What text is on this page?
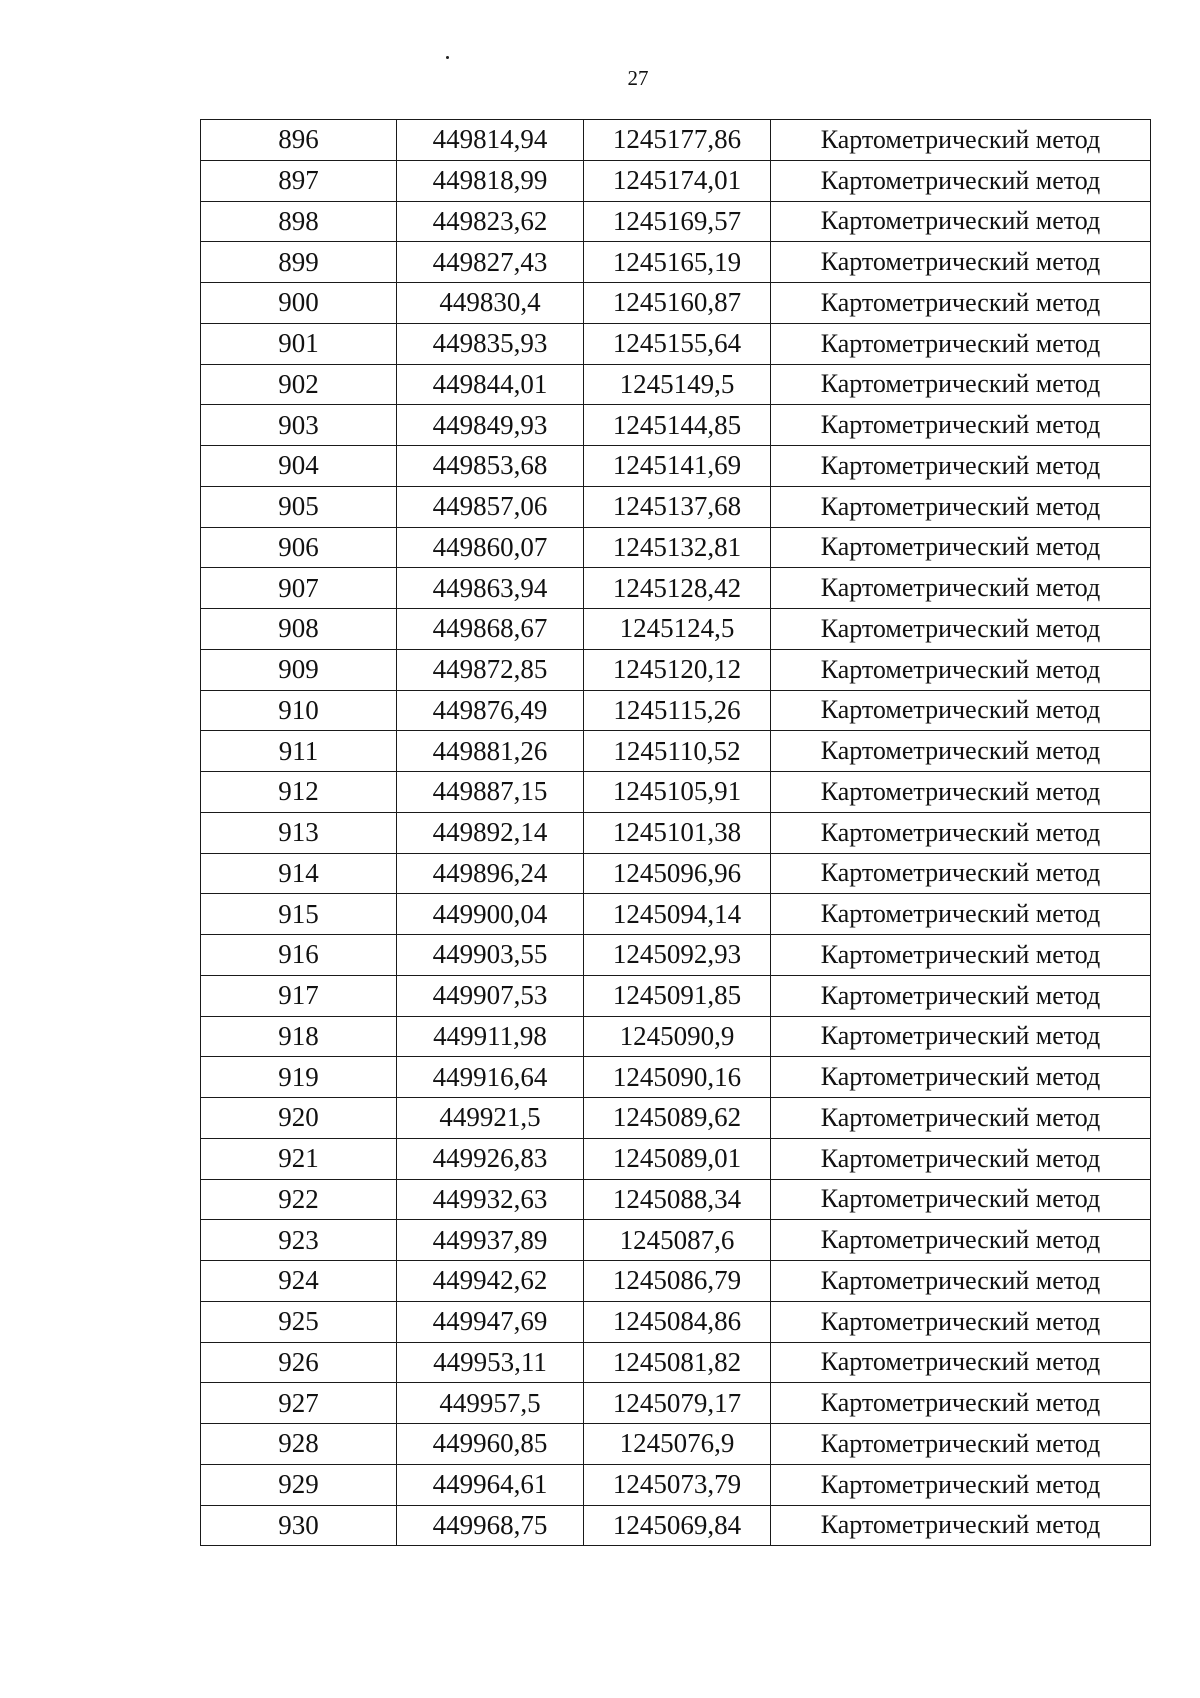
27
896	449814,94	1245177,86	Картометрический метод
897	449818,99	1245174,01	Картометрический метод
898	449823,62	1245169,57	Картометрический метод
899	449827,43	1245165,19	Картометрический метод
900	449830,4	1245160,87	Картометрический метод
901	449835,93	1245155,64	Картометрический метод
902	449844,01	1245149,5	Картометрический метод
903	449849,93	1245144,85	Картометрический метод
904	449853,68	1245141,69	Картометрический метод
905	449857,06	1245137,68	Картометрический метод
906	449860,07	1245132,81	Картометрический метод
907	449863,94	1245128,42	Картометрический метод
908	449868,67	1245124,5	Картометрический метод
909	449872,85	1245120,12	Картометрический метод
910	449876,49	1245115,26	Картометрический метод
911	449881,26	1245110,52	Картометрический метод
912	449887,15	1245105,91	Картометрический метод
913	449892,14	1245101,38	Картометрический метод
914	449896,24	1245096,96	Картометрический метод
915	449900,04	1245094,14	Картометрический метод
916	449903,55	1245092,93	Картометрический метод
917	449907,53	1245091,85	Картометрический метод
918	449911,98	1245090,9	Картометрический метод
919	449916,64	1245090,16	Картометрический метод
920	449921,5	1245089,62	Картометрический метод
921	449926,83	1245089,01	Картометрический метод
922	449932,63	1245088,34	Картометрический метод
923	449937,89	1245087,6	Картометрический метод
924	449942,62	1245086,79	Картометрический метод
925	449947,69	1245084,86	Картометрический метод
926	449953,11	1245081,82	Картометрический метод
927	449957,5	1245079,17	Картометрический метод
928	449960,85	1245076,9	Картометрический метод
929	449964,61	1245073,79	Картометрический метод
930	449968,75	1245069,84	Картометрический метод
